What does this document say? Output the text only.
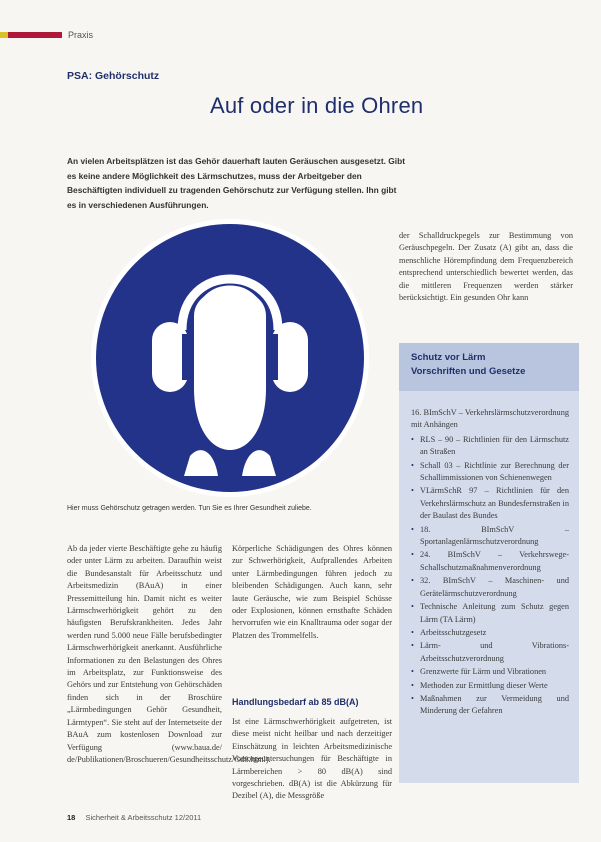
Praxis
PSA: Gehörschutz
Auf oder in die Ohren
An vielen Arbeitsplätzen ist das Gehör dauerhaft lauten Geräuschen ausgesetzt. Gibt es keine andere Möglichkeit des Lärmschutzes, muss der Arbeitgeber den Beschäftigten individuell zu tragenden Gehörschutz zur Verfügung stellen. Ihn gibt es in verschiedenen Ausführungen.
der Schalldruckpegels zur Bestimmung von Geräuschpegeln. Der Zusatz (A) gibt an, dass die menschliche Hörempfindung dem Frequenzbereich entsprechend unterschiedlich bewertet werden, das die mittleren Frequenzen werden stärker berücksichtigt. Ein gesunden Ohr kann
Hier muss Gehörschutz getragen werden. Tun Sie es Ihrer Gesundheit zuliebe.
Ab da jeder vierte Beschäftigte gehe zu häufig oder unter Lärm zu arbeiten. Daraufhin weist die Bundesanstalt für Arbeitsschutz und Arbeitsmedizin (BAuA) in einer Pressemitteilung hin. Damit nicht es weiter Lärmschwerhörigkeit gehört zu den häufigsten Berufskrankheiten. Jedes Jahr werden rund 5.000 neue Fälle berufsbedingter Lärmschwerhörigkeit anerkannt. Ausführliche Informationen zu den Belastungen des Ohres im Arbeitsplatz, zur Funktionsweise des Gehörs und zur Entstehung von Gehörschäden finden sich in der Broschüre „Lärmbedingungen Gehör Gesundheit, Lärmtypen“. Sie steht auf der Internetseite der BAuA zum kostenlosen Download zur Verfügung (www.baua.de/ de/Publikationen/Broschueren/Gesundheitsschutz/Gd8.html).
Körperliche Schädigungen des Ohres können zur Schwerhörigkeit, Aufprallendes Arbeiten unter Lärmbedingungen führen jedoch zu bleibenden Schädigungen. Auch kann, sehr laute Geräusche, wie zum Beispiel Schüsse oder Explosionen, können ernsthafte Schäden hervorrufen wie ein Knalltrauma oder sogar der Platzen des Trommelfells.
Handlungsbedarf ab 85 dB(A)
Ist eine Lärmschwerhörigkeit aufgetreten, ist diese meist nicht heilbar und nach derzeitiger Einschätzung in leichten Arbeitsmedizinische Vorsorgeuntersuchungen für Beschäftigte in Lärmbereichen > 80 dB(A) sind vorgeschrieben. dB(A) ist die Abkürzung für Dezibel (A), die Messgröße
Schutz vor Lärm
Vorschriften und Gesetze

16. BImSchV – Verkehrslärmschutzverordnung mit Anhängen

• RLS – 90 – Richtlinien für den Lärmschutz an Straßen
• Schall 03 – Richtlinie zur Berechnung der Schallimmissionen von Schienenwegen
• VLärmSchR 97 – Richtlinien für den Verkehrslärmschutz an Bundesfernstraßen in der Baulast des Bundes
• 18. BImSchV – Sportanlagenlärmschutzverordnung
• 24. BImSchV – Verkehrswege-Schallschutzmaßnahmenverordnung
• 32. BImSchV – Maschinen- und Gerätelärmschutzverordnung
• Technische Anleitung zum Schutz gegen Lärm (TA Lärm)
• Arbeitsschutzgesetz
• Lärm- und Vibrations-Arbeitsschutzverordnung
• Grenzwerte für Lärm und Vibrationen
• Methoden zur Ermittlung dieser Werte
• Maßnahmen zur Vermeidung und Minderung der Gefahren
18 Sicherheit & Arbeitsschutz 12/2011
